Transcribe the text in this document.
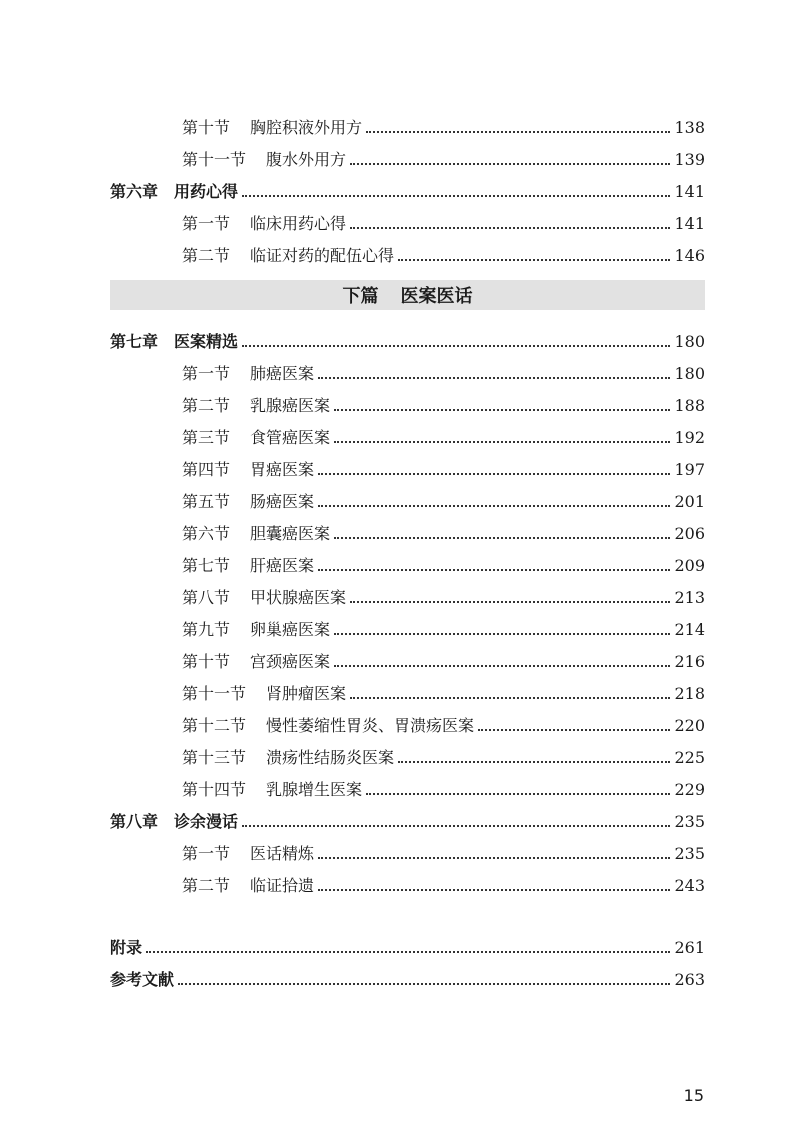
第十节 胸腔积液外用方	138
第十一节 腹水外用方	139
第六章 用药心得	141
第一节 临床用药心得	141
第二节 临证对药的配伍心得	146
下篇 医案医话
第七章 医案精选	180
第一节 肺癌医案	180
第二节 乳腺癌医案	188
第三节 食管癌医案	192
第四节 胃癌医案	197
第五节 肠癌医案	201
第六节 胆囊癌医案	206
第七节 肝癌医案	209
第八节 甲状腺癌医案	213
第九节 卵巢癌医案	214
第十节 宫颈癌医案	216
第十一节 肾肿瘤医案	218
第十二节 慢性萎缩性胃炎、胃溃疡医案	220
第十三节 溃疡性结肠炎医案	225
第十四节 乳腺增生医案	229
第八章 诊余漫话	235
第一节 医话精炼	235
第二节 临证拾遗	243
附录	261
参考文献	263
15
